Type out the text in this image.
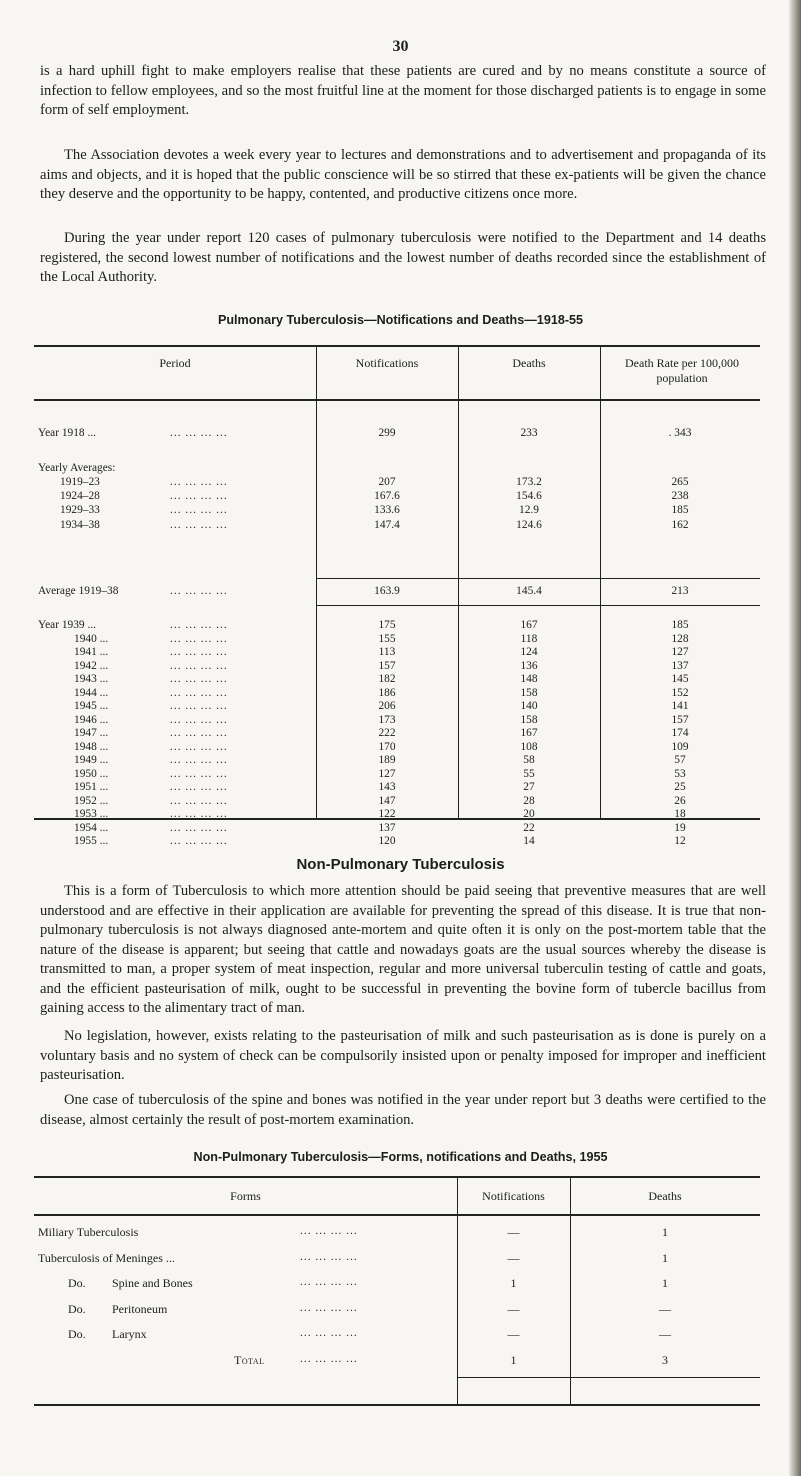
30

is a hard uphill fight to make employers realise that these patients are cured and by no means constitute a source of infection to fellow employees, and so the most fruitful line at the moment for those discharged patients is to engage in some form of self employment.

The Association devotes a week every year to lectures and demonstrations and to advertisement and propaganda of its aims and objects, and it is hoped that the public conscience will be so stirred that these ex-patients will be given the chance they deserve and the opportunity to be happy, contented, and productive citizens once more.

During the year under report 120 cases of pulmonary tuberculosis were notified to the Department and 14 deaths registered, the second lowest number of notifications and the lowest number of deaths recorded since the establishment of the Local Authority.

Pulmonary Tuberculosis—Notifications and Deaths—1918-55
Period	Notifications	Deaths	Death Rate per 100,000 population
Year 1918 ...	... ... ... ...	299	233	. 343
Yearly Averages:
1919–23	... ... ... ...	207	173.2	265
1924–28	... ... ... ...	167.6	154.6	238
1929–33	... ... ... ...	133.6	12.9	185
1934–38	... ... ... ...	147.4	124.6	162
Average 1919–38	... ... ... ...	163.9	145.4	213
Year 1939 ...	... ... ... ...	175	167	185
1940 ...	... ... ... ...	155	118	128
1941 ...	... ... ... ...	113	124	127
1942 ...	... ... ... ...	157	136	137
1943 ...	... ... ... ...	182	148	145
1944 ...	... ... ... ...	186	158	152
1945 ...	... ... ... ...	206	140	141
1946 ...	... ... ... ...	173	158	157
1947 ...	... ... ... ...	222	167	174
1948 ...	... ... ... ...	170	108	109
1949 ...	... ... ... ...	189	58	57
1950 ...	... ... ... ...	127	55	53
1951 ...	... ... ... ...	143	27	25
1952 ...	... ... ... ...	147	28	26
1953 ...	... ... ... ...	122	20	18
1954 ...	... ... ... ...	137	22	19
1955 ...	... ... ... ...	120	14	12
Non-Pulmonary Tuberculosis

This is a form of Tuberculosis to which more attention should be paid seeing that preventive measures that are well understood and are effective in their application are available for preventing the spread of this disease. It is true that non-pulmonary tuberculosis is not always diagnosed ante-mortem and quite often it is only on the post-mortem table that the nature of the disease is apparent; but seeing that cattle and nowadays goats are the usual sources whereby the disease is transmitted to man, a proper system of meat inspection, regular and more universal tuberculin testing of cattle and goats, and the efficient pasteurisation of milk, ought to be successful in preventing the bovine form of tubercle bacillus from gaining access to the alimentary tract of man.

No legislation, however, exists relating to the pasteurisation of milk and such pasteurisation as is done is purely on a voluntary basis and no system of check can be compulsorily insisted upon or penalty imposed for improper and inefficient pasteurisation.

One case of tuberculosis of the spine and bones was notified in the year under report but 3 deaths were certified to the disease, almost certainly the result of post-mortem examination.

Non-Pulmonary Tuberculosis—Forms, notifications and Deaths, 1955
Forms	Notifications	Deaths
Miliary Tuberculosis	... ... ... ...	—	1
Tuberculosis of Meninges ...	... ... ... ...	—	1
Do. Spine and Bones	... ... ... ...	1	1
Do. Peritoneum	... ... ... ...	—	—
Do. Larynx	... ... ... ...	—	—
Total	... ... ... ...	1	3
